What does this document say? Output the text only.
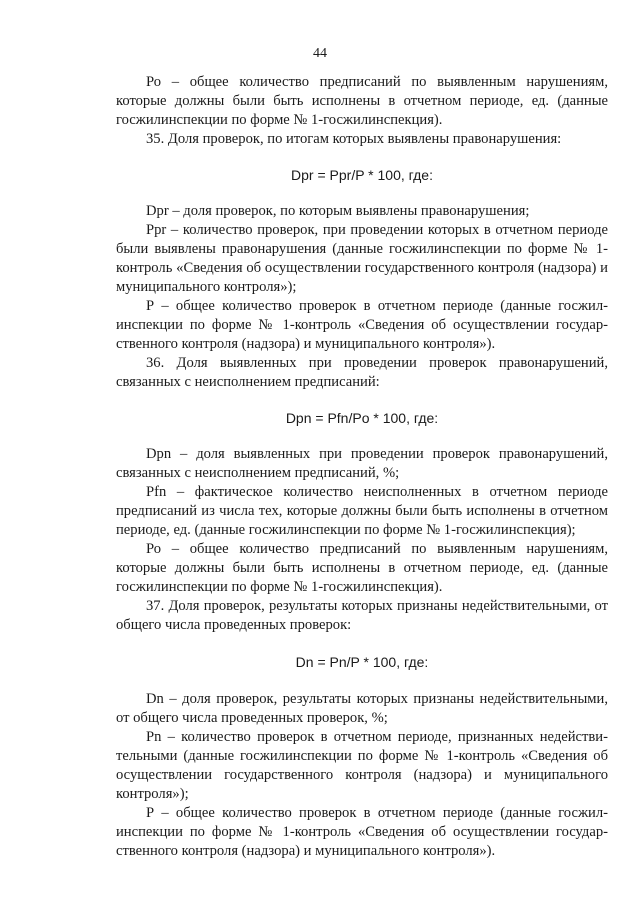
44

Ро – общее количество предписаний по выявленным нарушениям, которые должны были быть исполнены в отчетном периоде, ед. (данные госжилинспекции по форме № 1-госжилинспекция).

35. Доля проверок, по итогам которых выявлены правонарушения:

Dpr = Ppr/P * 100, где:

Dpr – доля проверок, по которым выявлены правонарушения;

Ppr – количество проверок, при проведении которых в отчетном периоде были выявлены правонарушения (данные госжилинспекции по форме № 1-контроль «Сведения об осуществлении государственного контроля (надзора) и муниципального контроля»);

Р – общее количество проверок в отчетном периоде (данные госжилинспекции по форме № 1-контроль «Сведения об осуществлении государственного контроля (надзора) и муниципального контроля»).

36. Доля выявленных при проведении проверок правонарушений, связанных с неисполнением предписаний:

Dpn = Pfn/Po * 100, где:

Dpn – доля выявленных при проведении проверок правонарушений, связанных с неисполнением предписаний, %;

Pfn – фактическое количество неисполненных в отчетном периоде предписаний из числа тех, которые должны были быть исполнены в отчетном периоде, ед. (данные госжилинспекции по форме № 1-госжилинспекция);

Ро – общее количество предписаний по выявленным нарушениям, которые должны были быть исполнены в отчетном периоде, ед. (данные госжилинспекции по форме № 1-госжилинспекция).

37. Доля проверок, результаты которых признаны недействительными, от общего числа проведенных проверок:

Dn = Pn/P * 100, где:

Dn – доля проверок, результаты которых признаны недействительными, от общего числа проведенных проверок, %;

Pn – количество проверок в отчетном периоде, признанных недействительными (данные госжилинспекции по форме № 1-контроль «Сведения об осуществлении государственного контроля (надзора) и муниципального контроля»);

Р – общее количество проверок в отчетном периоде (данные госжилинспекции по форме № 1-контроль «Сведения об осуществлении государственного контроля (надзора) и муниципального контроля»).
